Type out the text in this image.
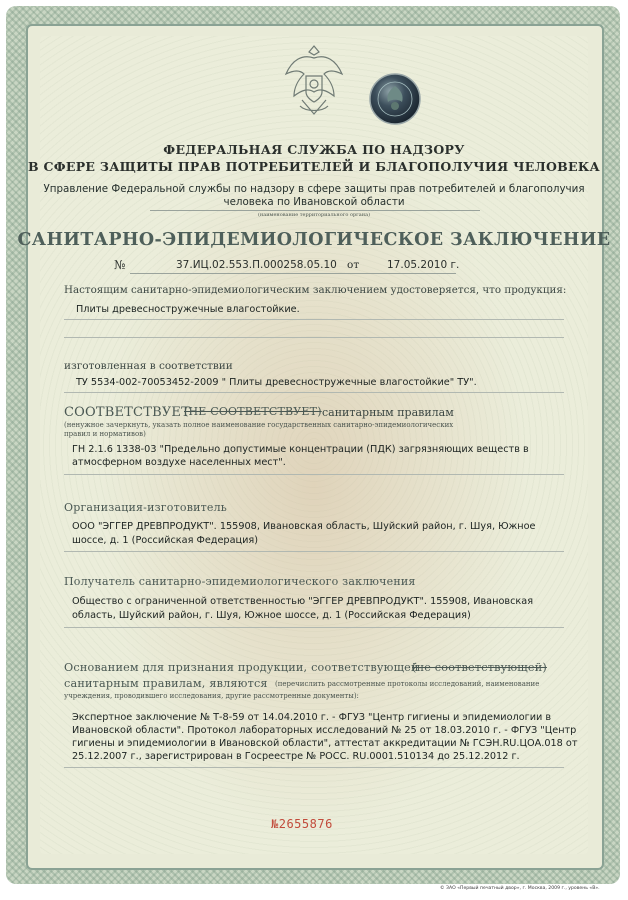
ФЕДЕРАЛЬНАЯ СЛУЖБА ПО НАДЗОРУ
В СФЕРЕ ЗАЩИТЫ ПРАВ ПОТРЕБИТЕЛЕЙ И БЛАГОПОЛУЧИЯ ЧЕЛОВЕКА
Управление Федеральной службы по надзору в сфере защиты прав потребителей и благополучия
человека по Ивановской области
(наименование территориального органа)
САНИТАРНО-ЭПИДЕМИОЛОГИЧЕСКОЕ ЗАКЛЮЧЕНИЕ
№	37.ИЦ.02.553.П.000258.05.10 от	17.05.2010 г.
Настоящим санитарно-эпидемиологическим заключением удостоверяется, что продукция:
Плиты древесностружечные влагостойкие.
изготовленная в соответствии
ТУ 5534-002-70053452-2009 " Плиты древесностружечные влагостойкие" ТУ".
СООТВЕТСТВУЕТ
(НЕ СООТВЕТСТВУЕТ) санитарным правилам
(ненужное зачеркнуть, указать полное наименование государственных санитарно-эпидемиологических
правил и нормативов)
ГН 2.1.6 1338-03 "Предельно допустимые концентрации (ПДК) загрязняющих веществ в
атмосферном воздухе населенных мест".
Организация-изготовитель
ООО "ЭГГЕР ДРЕВПРОДУКТ". 155908, Ивановская область, Шуйский район, г. Шуя, Южное
шоссе, д. 1 (Российская Федерация)
Получатель санитарно-эпидемиологического заключения
Общество с ограниченной ответственностью "ЭГГЕР ДРЕВПРОДУКТ". 155908, Ивановская
область, Шуйский район, г. Шуя, Южное шоссе, д. 1 (Российская Федерация)
Основанием для признания продукции, соответствующей
(не соответствующей)
санитарным правилам, являются (перечислить рассмотренные протоколы исследований, наименование
учреждения, проводившего исследования, другие рассмотренные документы):
Экспертное заключение № Т-8-59 от 14.04.2010 г. - ФГУЗ "Центр гигиены и эпидемиологии в
Ивановской области". Протокол лабораторных исследований № 25 от 18.03.2010 г. - ФГУЗ "Центр
гигиены и эпидемиологии в Ивановской области", аттестат аккредитации № ГСЭН.RU.ЦОА.018 от
25.12.2007 г., зарегистрирован в Госреестре № РОСС. RU.0001.510134 до 25.12.2012 г.
№2655876
© ЗАО «Первый печатный двор», г. Москва, 2009 г., уровень «В».
